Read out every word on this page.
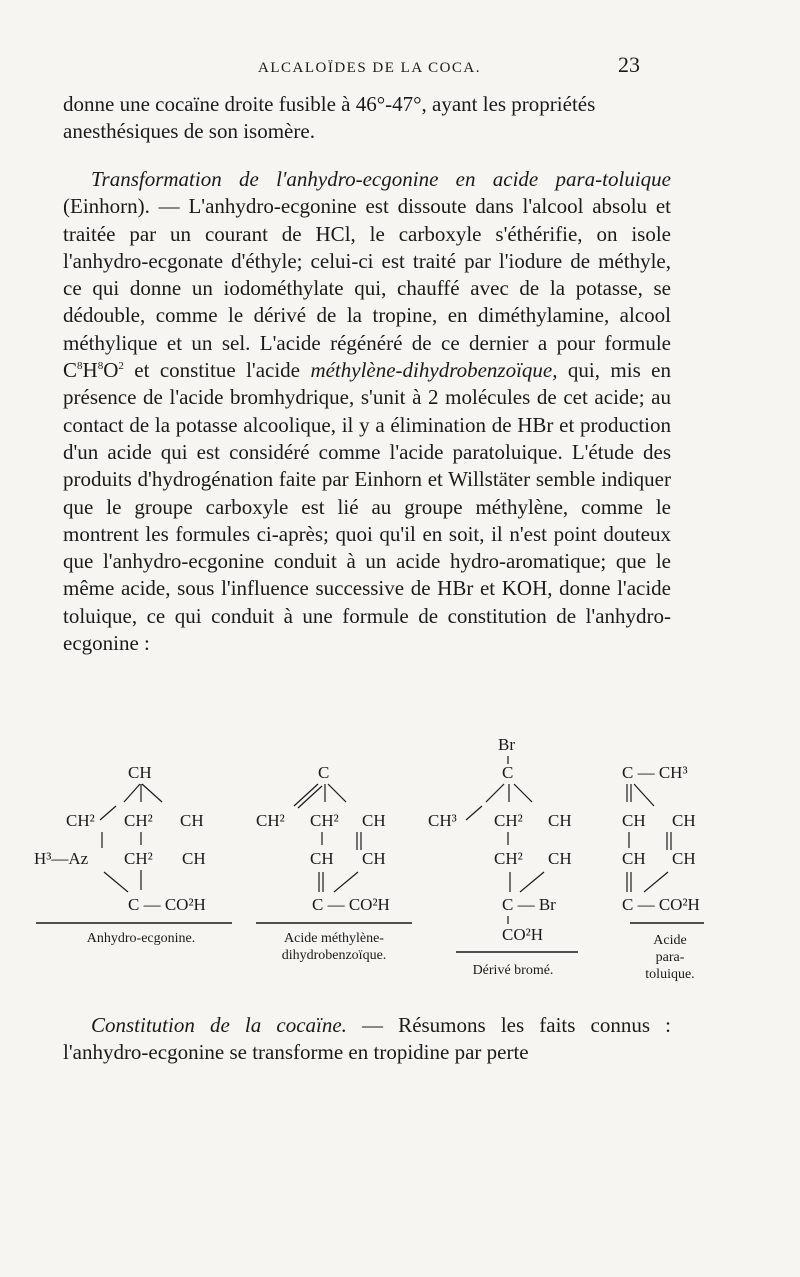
ALCALOÏDES DE LA COCA.	23

donne une cocaïne droite fusible à 46°-47°, ayant les propriétés
anesthésiques de son isomère.

Transformation de l'anhydro-ecgonine en acide para-toluique (Einhorn). — L'anhydro-ecgonine est dissoute dans l'alcool absolu et traitée par un courant de HCl, le carboxyle s'éthérifie, on isole l'anhydro-ecgonate d'éthyle; celui-ci est traité par l'iodure de méthyle, ce qui donne un iodométhylate qui, chauffé avec de la potasse, se dédouble, comme le dérivé de la tropine, en diméthylamine, alcool méthylique et un sel. L'acide régénéré de ce dernier a pour formule $C^8H^8O^2$ et constitue l'acide méthylène-dihydrobenzoïque, qui, mis en présence de l'acide bromhydrique, s'unit à 2 molécules de cet acide; au contact de la potasse alcoolique, il y a élimination de HBr et production d'un acide qui est considéré comme l'acide paratoluique. L'étude des produits d'hydrogénation faite par Einhorn et Willstäter semble indiquer que le groupe carboxyle est lié au groupe méthylène, comme le montrent les formules ci-après; quoi qu'il en soit, il n'est point douteux que l'anhydro-ecgonine conduit à un acide hydro-aromatique; que le même acide, sous l'influence successive de HBr et KOH, donne l'acide toluique, ce qui conduit à une formule de constitution de l'anhydro-ecgonine :

CH
CH² CH² CH
H³—Az CH² CH
C — CO²H
C
CH² CH² CH
CH CH
C — CO²H
Br
C
CH³ CH² CH
CH² CH
C — Br
CO²H
C — CH³
CH CH
CH CH
C — CO²H
Anhydro-ecgonine.	Acide méthylène-
dihydrobenzoïque.
Dérivé bromé.
Acide
para-
toluique.

Constitution de la cocaïne. — Résumons les faits connus : l'anhydro-ecgonine se transforme en tropidine par perte
